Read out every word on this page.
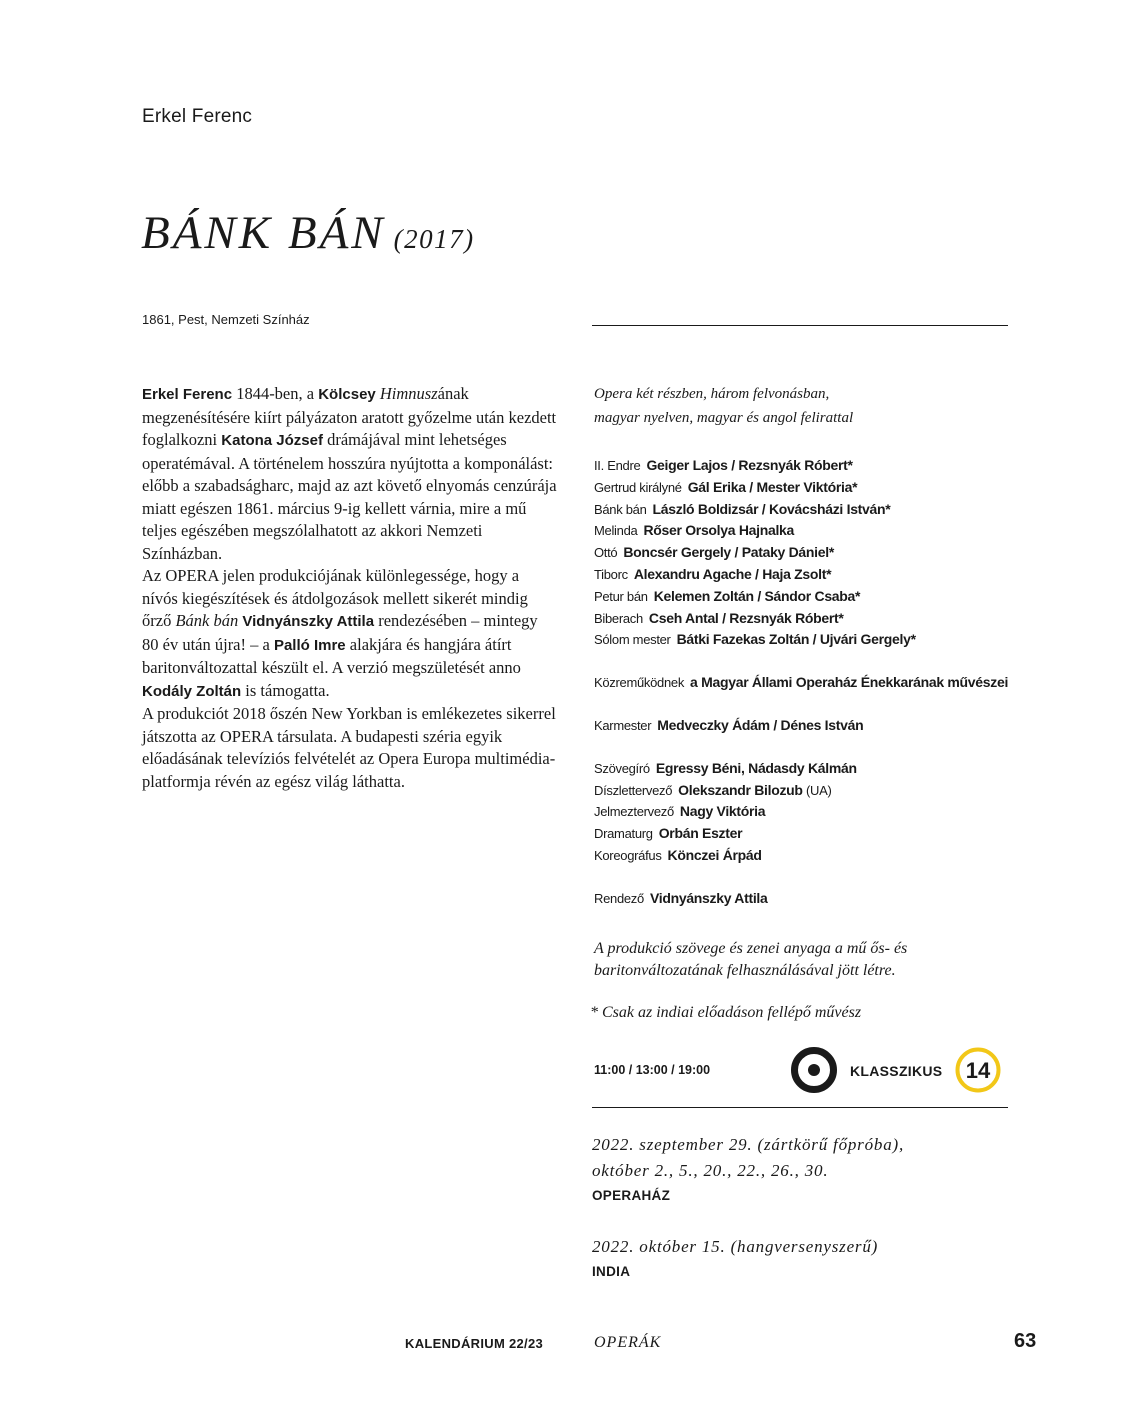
Erkel Ferenc
BÁNK BÁN (2017)
1861, Pest, Nemzeti Színház

Erkel Ferenc 1844-ben, a Kölcsey Himnuszának megzenésítésére kiírt pályázaton aratott győzelme után kezdett foglalkozni Katona József drámájával mint lehetséges operatémával. A történelem hosszúra nyújtotta a komponálást: előbb a szabadságharc, majd az azt követő elnyomás cenzúrája miatt egészen 1861. március 9-ig kellett várnia, mire a mű teljes egészében megszólalhatott az akkori Nemzeti Színházban.

Az OPERA jelen produkciójának különlegessége, hogy a nívós kiegészítések és átdolgozások mellett sikerét mindig őrző Bánk bán Vidnyánszky Attila rendezésében – mintegy 80 év után újra! – a Palló Imre alakjára és hangjára átírt baritonváltozattal készült el. A verzió megszületését anno Kodály Zoltán is támogatta.

A produkciót 2018 őszén New Yorkban is emlékezetes sikerrel játszotta az OPERA társulata. A budapesti széria egyik előadásának televíziós felvételét az Opera Europa multimédia-platformja révén az egész világ láthatta.

Opera két részben, három felvonásban,
magyar nyelven, magyar és angol felirattal
II. Endre Geiger Lajos / Rezsnyák Róbert*
Gertrud királyné Gál Erika / Mester Viktória*
Bánk bán László Boldizsár / Kovácsházi István*
Melinda Rőser Orsolya Hajnalka
Ottó Boncsér Gergely / Pataky Dániel*
Tiborc Alexandru Agache / Haja Zsolt*
Petur bán Kelemen Zoltán / Sándor Csaba*
Biberach Cseh Antal / Rezsnyák Róbert*
Sólom mester Bátki Fazekas Zoltán / Ujvári Gergely*
Közreműködnek a Magyar Állami Operaház Énekkarának művészei
Karmester Medveczky Ádám / Dénes István
Szövegíró Egressy Béni, Nádasdy Kálmán
Díszlettervező Olekszandr Bilozub (UA)
Jelmeztervező Nagy Viktória
Dramaturg Orbán Eszter
Koreográfus Könczei Árpád
Rendező Vidnyánszky Attila
A produkció szövege és zenei anyaga a mű ős- és
baritonváltozatának felhasználásával jött létre.
* Csak az indiai előadáson fellépő művész
11:00 / 13:00 / 19:00	KLASSZIKUS 14
2022. szeptember 29. (zártkörű főpróba),
október 2., 5., 20., 22., 26., 30.
OPERAHÁZ
2022. október 15. (hangversenyszerű)
INDIA
KALENDÁRIUM 22/23	OPERÁK	63
